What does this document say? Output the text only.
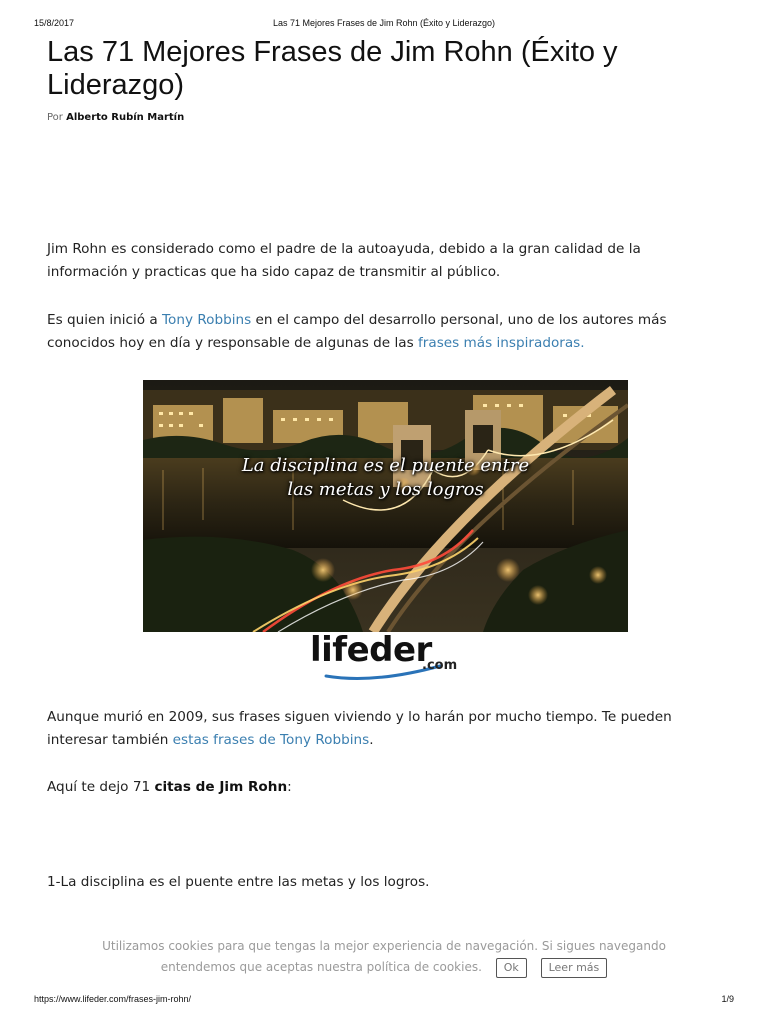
15/8/2017	Las 71 Mejores Frases de Jim Rohn (Éxito y Liderazgo)
Las 71 Mejores Frases de Jim Rohn (Éxito y Liderazgo)
Por Alberto Rubín Martín

Jim Rohn es considerado como el padre de la autoayuda, debido a la gran calidad de la información y practicas que ha sido capaz de transmitir al público.

Es quien inició a Tony Robbins en el campo del desarrollo personal, uno de los autores más conocidos hoy en día y responsable de algunas de las frases más inspiradoras.

La disciplina es el puente entre
las metas y los logros
lifeder
.com

Aunque murió en 2009, sus frases siguen viviendo y lo harán por mucho tiempo. Te pueden interesar también estas frases de Tony Robbins.

Aquí te dejo 71 citas de Jim Rohn:

1-La disciplina es el puente entre las metas y los logros.

Utilizamos cookies para que tengas la mejor experiencia de navegación. Si sigues navegando
entendemos que aceptas nuestra política de cookies. Ok	Leer más
https://www.lifeder.com/frases-jim-rohn/	1/9
